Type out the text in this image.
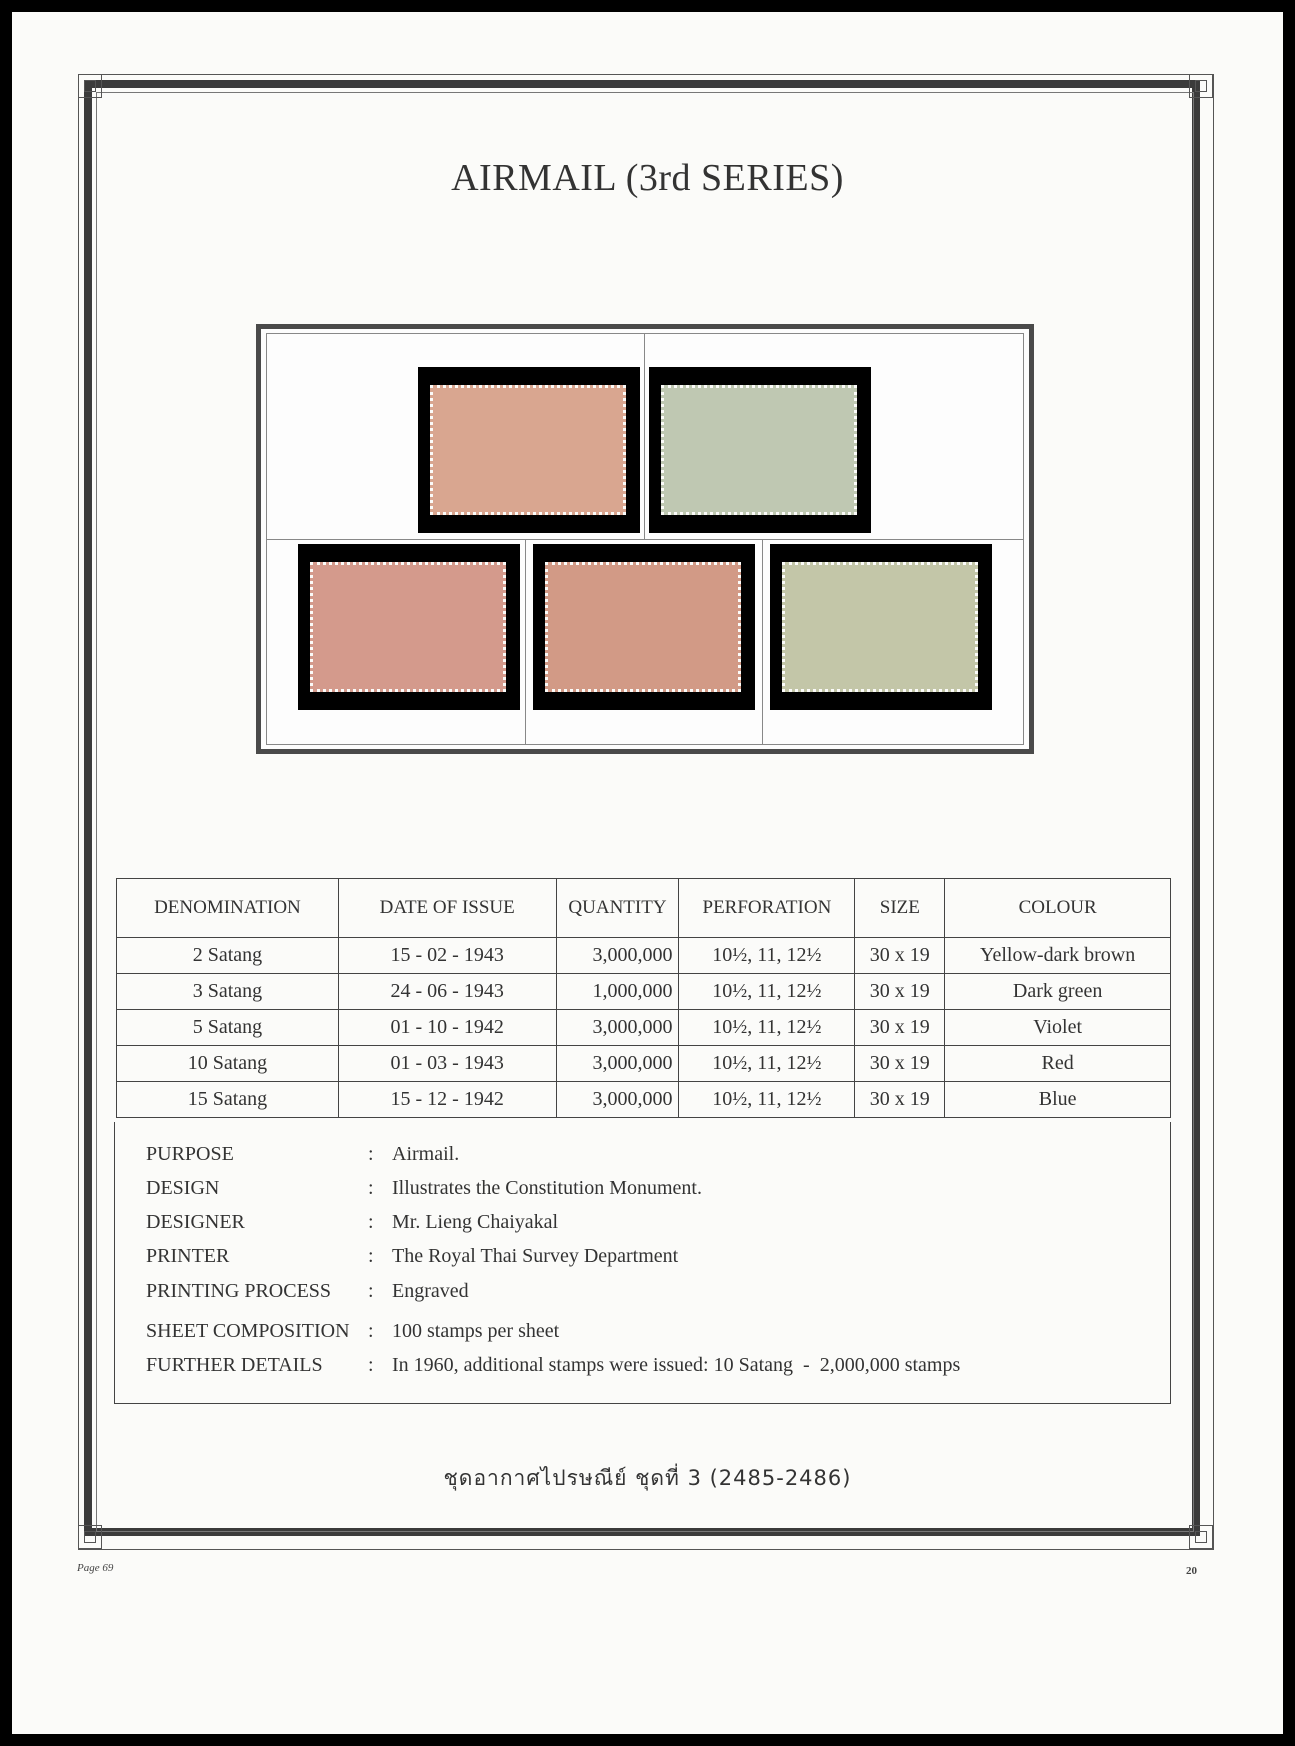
AIRMAIL (3rd SERIES)
DENOMINATION	DATE OF ISSUE	QUANTITY	PERFORATION	SIZE	COLOUR
2 Satang	15 - 02 - 1943	3,000,000	10½, 11, 12½	30 x 19	Yellow-dark brown
3 Satang	24 - 06 - 1943	1,000,000	10½, 11, 12½	30 x 19	Dark green
5 Satang	01 - 10 - 1942	3,000,000	10½, 11, 12½	30 x 19	Violet
10 Satang	01 - 03 - 1943	3,000,000	10½, 11, 12½	30 x 19	Red
15 Satang	15 - 12 - 1942	3,000,000	10½, 11, 12½	30 x 19	Blue
PURPOSE	: Airmail.
DESIGN	: Illustrates the Constitution Monument.
DESIGNER	: Mr. Lieng Chaiyakal
PRINTER	: The Royal Thai Survey Department
PRINTING PROCESS : Engraved
SHEET COMPOSITION : 100 stamps per sheet
FURTHER DETAILS : In 1960, additional stamps were issued: 10 Satang  -  2,000,000 stamps
ชุดอากาศไปรษณีย์ ชุดที่ 3 (2485-2486)
Page 69	20
